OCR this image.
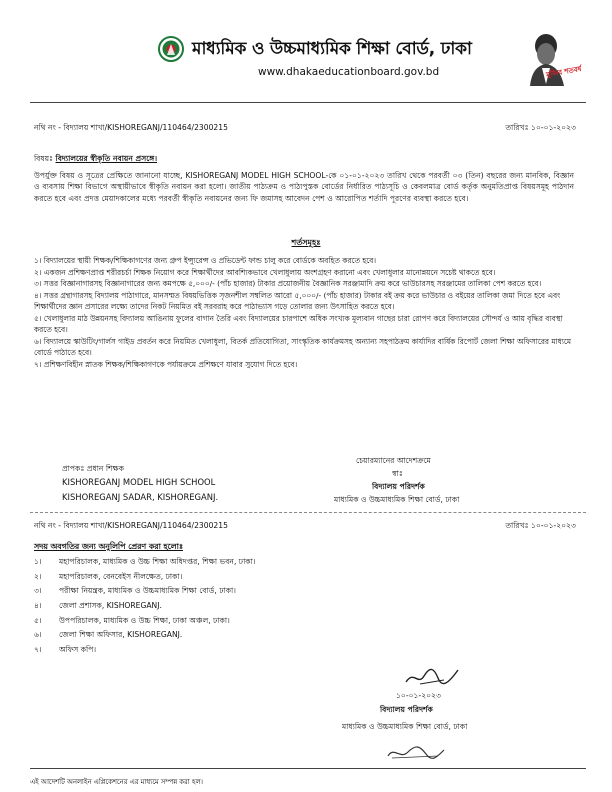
মাধ্যমিক ও উচ্চমাধ্যমিক শিক্ষা বোর্ড, ঢাকা
www.dhakaeducationboard.gov.bd	মুজিব শতবর্ষ
নথি নং - বিদ্যালয় শাখা/KISHOREGANJ/110464/2300215	তারিখঃ ১০-০১-২০২৩
বিষয়ঃ বিদ্যালয়ের স্বীকৃতি নবায়ন প্রসঙ্গে।
উপর্যুক্ত বিষয় ও সূত্রের প্রেক্ষিতে জানানো যাচ্ছে, KISHOREGANJ MODEL HIGH SCHOOL-কে ০১-০১-২০২৩ তারিখ থেকে পরবর্তী ০৩ (তিন) বছরের জন্য মানবিক, বিজ্ঞান ও ব্যবসায় শিক্ষা বিভাগে অস্থায়ীভাবে স্বীকৃতি নবায়ন করা হলো। জাতীয় পাঠ্যক্রম ও পাঠ্যপুস্তক বোর্ডের নির্ধারিত পাঠ্যসূচি ও কেবলমাত্র বোর্ড কর্তৃক অনুমতিপ্রাপ্ত বিষয়সমূহ পাঠদান করতে হবে এবং প্রদত্ত মেয়াদকালের মধ্যে পরবর্তী স্বীকৃতি নবায়নের জন্য ফি জমাসহ আবেদন পেশ ও আরোপিত শর্তাদি পূরণের ব্যবস্থা করতে হবে।
শর্তসমূহঃ
১। বিদ্যালয়ের স্থায়ী শিক্ষক/শিক্ষিকাগণের জন্য গ্রুপ ইন্স্যুরেন্স ও প্রভিডেন্ট ফান্ড চালু করে বোর্ডকে অবহিত করতে হবে।
২। একজন প্রশিক্ষণপ্রাপ্ত শরীরচর্চা শিক্ষক নিয়োগ করে শিক্ষার্থীদের আবশ্যিকভাবে খেলাধুলায় অংশগ্রহণ করানো এবং খেলাধুলার মানোন্নয়নে সচেষ্ট থাকতে হবে।
৩। সত্তর বিজ্ঞানাগারসহ বিজ্ঞানাগারের জন্য কমপক্ষে ৫,০০০/- (পাঁচ হাজার) টাকার প্রয়োজনীয় বৈজ্ঞানিক সরঞ্জামাদি ক্রয় করে ভাউচারসহ সরঞ্জামের তালিকা পেশ করতে হবে।
৪। সত্তর গ্রন্থাগারসহ বিদ্যালয় পাঠাগারে, মানসম্মত বিষয়ভিত্তিক সৃজনশীল সম্বলিত আরো ৫,০০০/- (পাঁচ হাজার) টাকার বই ক্রয় করে ভাউচার ও বইয়ের তালিকা জমা দিতে হবে এবং শিক্ষার্থীদের জ্ঞান প্রসারের লক্ষ্যে তাদের নিকট নিয়মিত বই সরবরাহ করে পাঠাভ্যাস গড়ে তোলার জন্য উৎসাহিত করতে হবে।
৫। খেলাধুলার মাঠ উন্নয়নসহ বিদ্যালয় আঙিনায় ফুলের বাগান তৈরি এবং বিদ্যালয়ের চারপাশে অধিক সংখ্যক মূল্যবান গাছের চারা রোপণ করে বিদ্যালয়ের সৌন্দর্য ও আয় বৃদ্ধির ব্যবস্থা করতে হবে।
৬। বিদ্যালয়ে স্কাউটিং/গার্লস গাইড প্রবর্তন করে নিয়মিত খেলাধুলা, বিতর্ক প্রতিযোগিতা, সাংস্কৃতিক কার্যক্রমসহ অন্যান্য সহপাঠক্রম কার্যাদির বার্ষিক রিপোর্ট জেলা শিক্ষা অফিসারের মাধ্যমে বোর্ডে পাঠাতে হবে।
৭। প্রশিক্ষণবিহীন স্নাতক শিক্ষক/শিক্ষিকাগণকে পর্যায়ক্রমে প্রশিক্ষণে যাবার সুযোগ দিতে হবে।
প্রাপকঃ প্রধান শিক্ষক
KISHOREGANJ MODEL HIGH SCHOOL
KISHOREGANJ SADAR, KISHOREGANJ.
চেয়ারম্যানের আদেশক্রমে
স্বাঃ
বিদ্যালয় পরিদর্শক
মাধ্যমিক ও উচ্চমাধ্যমিক শিক্ষা বোর্ড, ঢাকা
নথি নং - বিদ্যালয় শাখা/KISHOREGANJ/110464/2300215	তারিখঃ ১০-০১-২০২৩
সদয় অবগতির জন্য অনুলিপি প্রেরণ করা হলোঃ
১। মহাপরিচালক, মাধ্যমিক ও উচ্চ শিক্ষা অধিদপ্তর, শিক্ষা ভবন, ঢাকা।
২। মহাপরিচালক, বেনবেইস নীলক্ষেত, ঢাকা।
৩। পরীক্ষা নিয়ন্ত্রক, মাধ্যমিক ও উচ্চমাধ্যমিক শিক্ষা বোর্ড, ঢাকা।
৪। জেলা প্রশাসক, KISHOREGANJ.
৫। উপপরিচালক, মাধ্যমিক ও উচ্চ শিক্ষা, ঢাকা অঞ্চল, ঢাকা।
৬। জেলা শিক্ষা অফিসার, KISHOREGANJ.
৭। অফিস কপি।
১০-০১-২০২৩
বিদ্যালয় পরিদর্শক
মাধ্যমিক ও উচ্চমাধ্যমিক শিক্ষা বোর্ড, ঢাকা
এই আদেশটি অনলাইন এপ্লিকেশনের এর মাধ্যমে সম্পন্ন করা হল।
